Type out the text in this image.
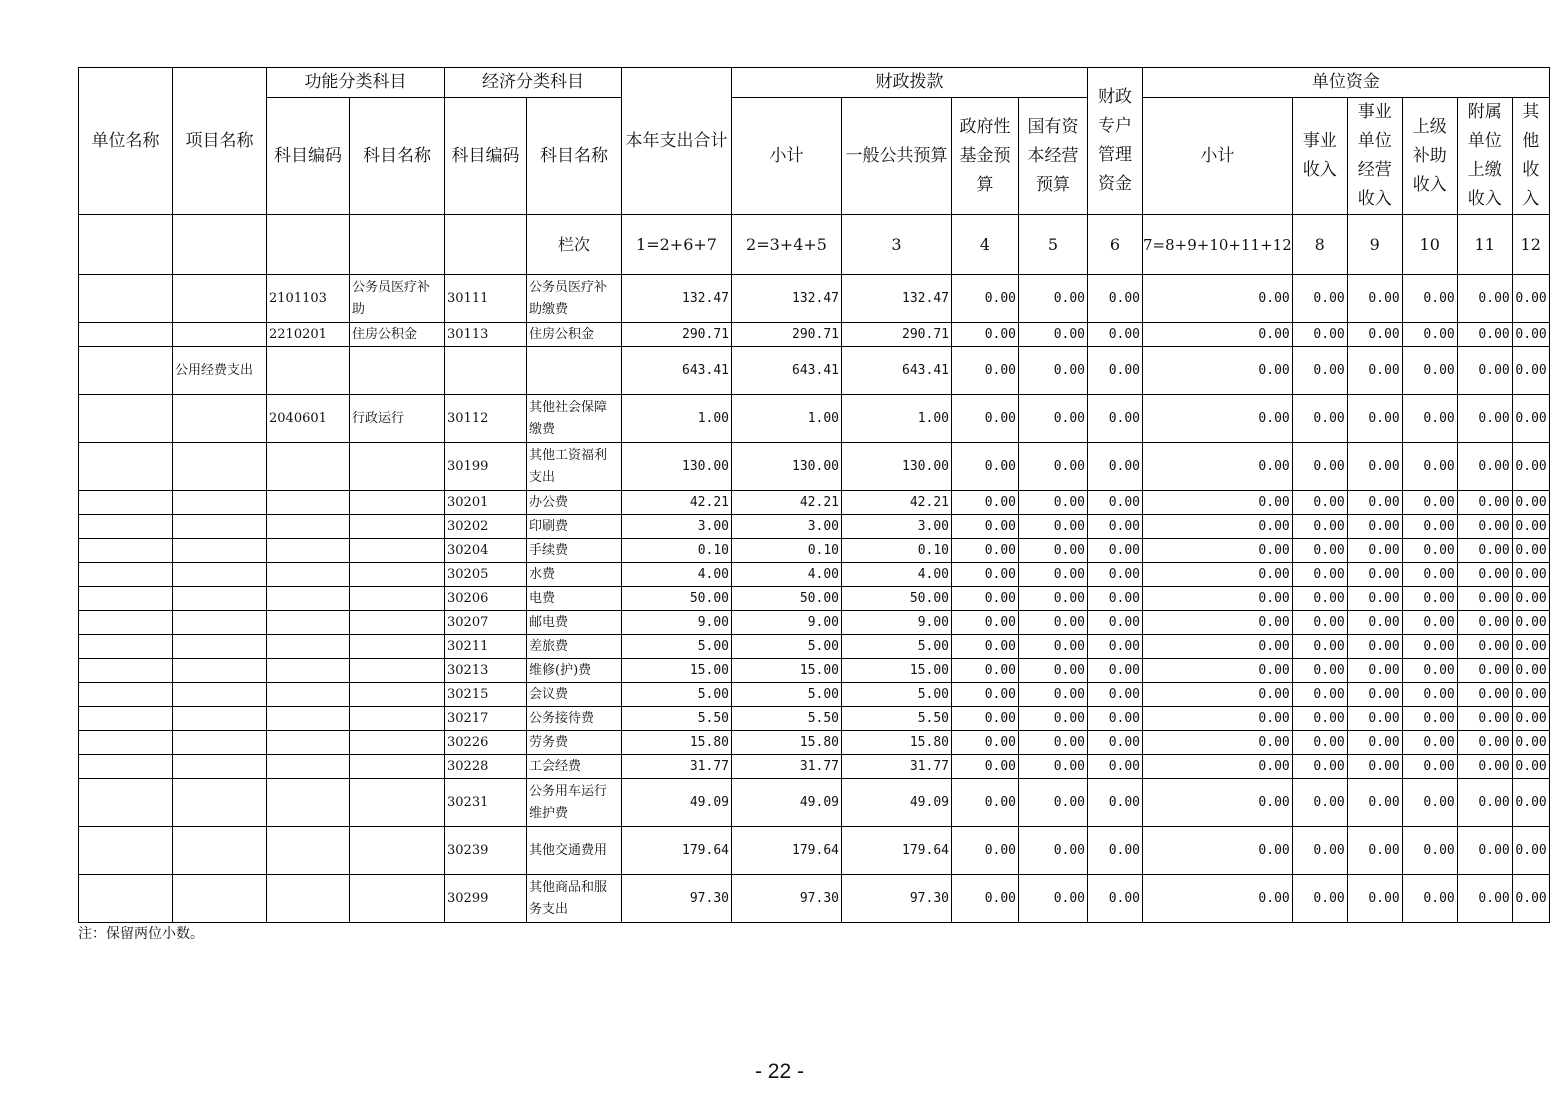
单位名称	项目名称	功能分类科目		经济分类科目		本年支出合计	财政拨款				财政专户管理资金	单位资金					
		科目编码	科目名称	科目编码	科目名称		小计	一般公共预算	政府性基金预算	国有资本经营预算		小计	事业收入	事业单位经营收入	上级补助收入	附属单位上缴收入	其他收入
					栏次	1=2+6+7	2=3+4+5	3	4	5	6	7=8+9+10+11+12	8	9	10	11	12
		2101103	公务员医疗补助	30111	公务员医疗补助缴费	132.47	132.47	132.47	0.00	0.00	0.00	0.00	0.00	0.00	0.00	0.00	0.00
		2210201	住房公积金	30113	住房公积金	290.71	290.71	290.71	0.00	0.00	0.00	0.00	0.00	0.00	0.00	0.00	0.00
	公用经费支出					643.41	643.41	643.41	0.00	0.00	0.00	0.00	0.00	0.00	0.00	0.00	0.00
		2040601	行政运行	30112	其他社会保障缴费	1.00	1.00	1.00	0.00	0.00	0.00	0.00	0.00	0.00	0.00	0.00	0.00
				30199	其他工资福利支出	130.00	130.00	130.00	0.00	0.00	0.00	0.00	0.00	0.00	0.00	0.00	0.00
				30201	办公费	42.21	42.21	42.21	0.00	0.00	0.00	0.00	0.00	0.00	0.00	0.00	0.00
				30202	印刷费	3.00	3.00	3.00	0.00	0.00	0.00	0.00	0.00	0.00	0.00	0.00	0.00
				30204	手续费	0.10	0.10	0.10	0.00	0.00	0.00	0.00	0.00	0.00	0.00	0.00	0.00
				30205	水费	4.00	4.00	4.00	0.00	0.00	0.00	0.00	0.00	0.00	0.00	0.00	0.00
				30206	电费	50.00	50.00	50.00	0.00	0.00	0.00	0.00	0.00	0.00	0.00	0.00	0.00
				30207	邮电费	9.00	9.00	9.00	0.00	0.00	0.00	0.00	0.00	0.00	0.00	0.00	0.00
				30211	差旅费	5.00	5.00	5.00	0.00	0.00	0.00	0.00	0.00	0.00	0.00	0.00	0.00
				30213	维修(护)费	15.00	15.00	15.00	0.00	0.00	0.00	0.00	0.00	0.00	0.00	0.00	0.00
				30215	会议费	5.00	5.00	5.00	0.00	0.00	0.00	0.00	0.00	0.00	0.00	0.00	0.00
				30217	公务接待费	5.50	5.50	5.50	0.00	0.00	0.00	0.00	0.00	0.00	0.00	0.00	0.00
				30226	劳务费	15.80	15.80	15.80	0.00	0.00	0.00	0.00	0.00	0.00	0.00	0.00	0.00
				30228	工会经费	31.77	31.77	31.77	0.00	0.00	0.00	0.00	0.00	0.00	0.00	0.00	0.00
				30231	公务用车运行维护费	49.09	49.09	49.09	0.00	0.00	0.00	0.00	0.00	0.00	0.00	0.00	0.00
				30239	其他交通费用	179.64	179.64	179.64	0.00	0.00	0.00	0.00	0.00	0.00	0.00	0.00	0.00
				30299	其他商品和服务支出	97.30	97.30	97.30	0.00	0.00	0.00	0.00	0.00	0.00	0.00	0.00	0.00
注：保留两位小数。
- 22 -
